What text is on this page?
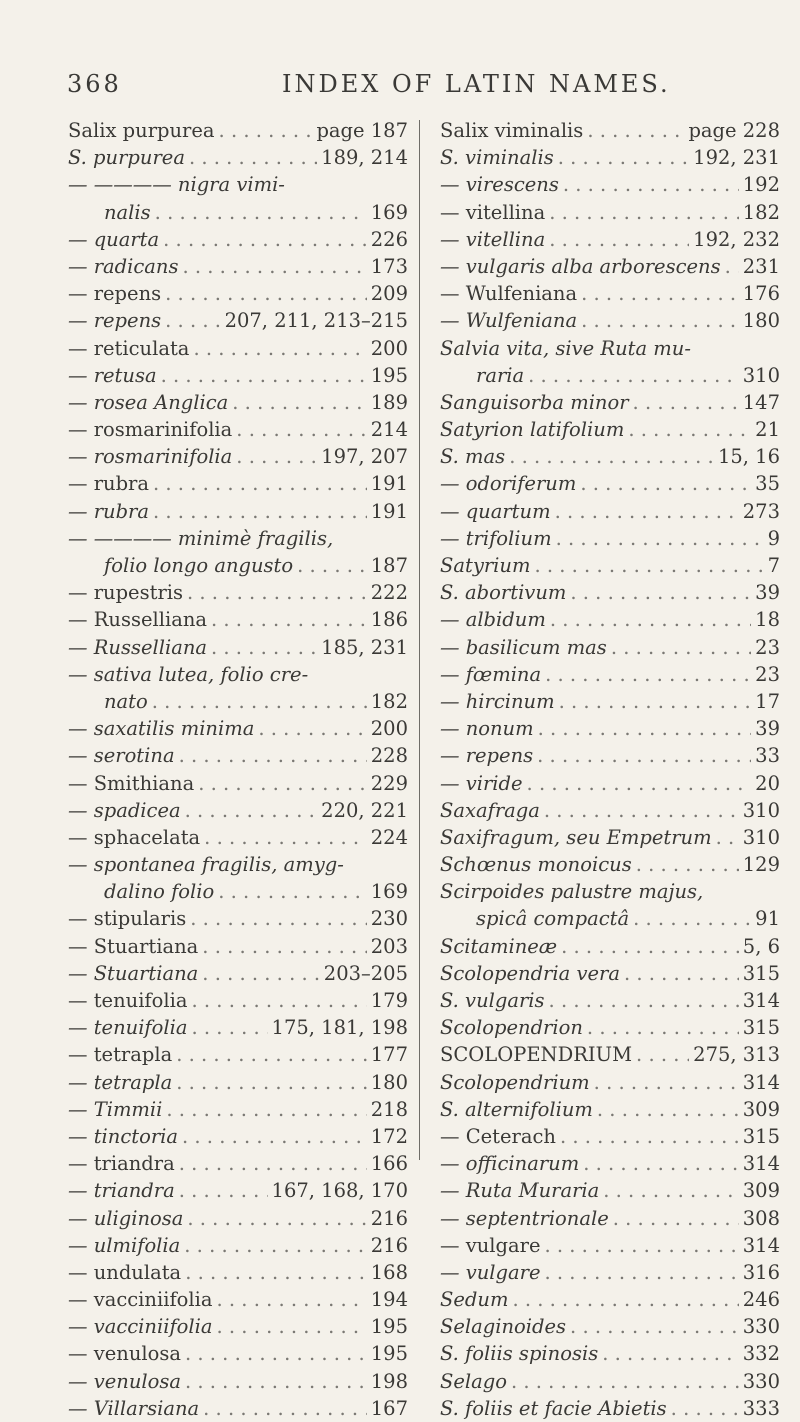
368	INDEX OF LATIN NAMES.
Salix purpurea . . .	page 187
S. purpurea . . .	189, 214
— ———— nigra vimi-
nalis . . .	169
— quarta . . .	226
— radicans . . .	173
— repens . . .	209
— repens . . .	207, 211, 213–215
— reticulata . . .	200
— retusa . . .	195
— rosea Anglica . . .	189
— rosmarinifolia . . .	214
— rosmarinifolia . . .	197, 207
— rubra . . .	191
— rubra . . .	191
— ———— minimè fragilis,
folio longo angusto . . .	187
— rupestris . . .	222
— Russelliana . . .	186
— Russelliana . . .	185, 231
— sativa lutea, folio cre-
nato . . .	182
— saxatilis minima . . .	200
— serotina . . .	228
— Smithiana . . .	229
— spadicea . . .	220, 221
— sphacelata . . .	224
— spontanea fragilis, amyg-
dalino folio . . .	169
— stipularis . . .	230
— Stuartiana . . .	203
— Stuartiana . . .	203–205
— tenuifolia . . .	179
— tenuifolia . . .	175, 181, 198
— tetrapla . . .	177
— tetrapla . . .	180
— Timmii . . .	218
— tinctoria . . .	172
— triandra . . .	166
— triandra . . .	167, 168, 170
— uliginosa . . .	216
— ulmifolia . . .	216
— undulata . . .	168
— vacciniifolia . . .	194
— vacciniifolia . . .	195
— venulosa . . .	195
— venulosa . . .	198
— Villarsiana . . .	167
Salix viminalis . . .	page 228
S. viminalis . . .	192, 231
— virescens . . .	192
— vitellina . . .	182
— vitellina . . .	192, 232
— vulgaris alba arborescens . . . 231
— Wulfeniana . . .	176
— Wulfeniana . . .	180
Salvia vita, sive Ruta mu-
raria . . .	310
Sanguisorba minor . . .	147
Satyrion latifolium . . .	21
S. mas . . .	15, 16
— odoriferum . . .	35
— quartum . . .	273
— trifolium . . .	9
Satyrium . . .	7
S. abortivum . . .	39
— albidum . . .	18
— basilicum mas . . .	23
— fœmina . . .	23
— hircinum . . .	17
— nonum . . .	39
— repens . . .	33
— viride . . .	20
Saxafraga . . .	310
Saxifragum, seu Empetrum . . . 310
Schœnus monoicus . . .	129
Scirpoides palustre majus,
spicâ compactâ . . .	91
Scitamineæ . . .	5, 6
Scolopendria vera . . .	315
S. vulgaris . . .	314
Scolopendrion . . .	315
SCOLOPENDRIUM . . .	275, 313
Scolopendrium . . .	314
S. alternifolium . . .	309
— Ceterach . . .	315
— officinarum . . .	314
— Ruta Muraria . . .	309
— septentrionale . . .	308
— vulgare . . .	314
— vulgare . . .	316
Sedum . . .	246
Selaginoides . . .	330
S. foliis spinosis . . .	332
Selago . . .	330
S. foliis et facie Abietis . . .	333
